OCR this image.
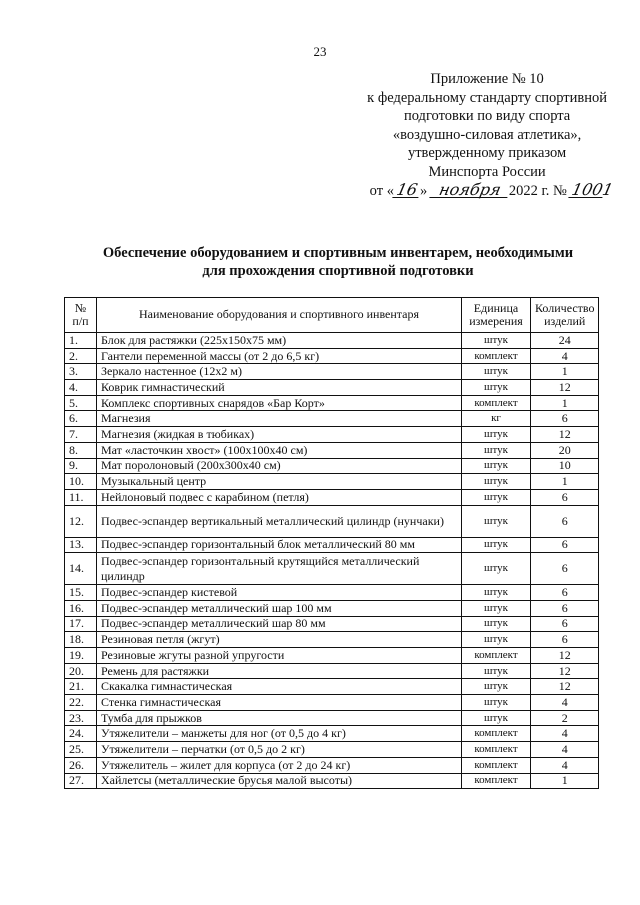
23
Приложение № 10
к федеральному стандарту спортивной
подготовки по виду спорта
«воздушно-силовая атлетика»,
утвержденному приказом
Минспорта России
от «16» ноября 2022 г. № 1001
Обеспечение оборудованием и спортивным инвентарем, необходимыми
для прохождения спортивной подготовки
№ п/п	Наименование оборудования и спортивного инвентаря	Единица измерения	Количество изделий
1.	Блок для растяжки (225х150х75 мм)	штук	24
2.	Гантели переменной массы (от 2 до 6,5 кг)	комплект	4
3.	Зеркало настенное (12х2 м)	штук	1
4.	Коврик гимнастический	штук	12
5.	Комплекс спортивных снарядов «Бар Корт»	комплект	1
6.	Магнезия	кг	6
7.	Магнезия (жидкая в тюбиках)	штук	12
8.	Мат «ласточкин хвост» (100х100х40 см)	штук	20
9.	Мат поролоновый (200х300х40 см)	штук	10
10.	Музыкальный центр	штук	1
11.	Нейлоновый подвес с карабином (петля)	штук	6
12.	Подвес-эспандер вертикальный металлический цилиндр (нунчаки)	штук	6
13.	Подвес-эспандер горизонтальный блок металлический 80 мм	штук	6
14.	Подвес-эспандер горизонтальный крутящийся металлический цилиндр	штук	6
15.	Подвес-эспандер кистевой	штук	6
16.	Подвес-эспандер металлический шар 100 мм	штук	6
17.	Подвес-эспандер металлический шар 80 мм	штук	6
18.	Резиновая петля (жгут)	штук	6
19.	Резиновые жгуты разной упругости	комплект	12
20.	Ремень для растяжки	штук	12
21.	Скакалка гимнастическая	штук	12
22.	Стенка гимнастическая	штук	4
23.	Тумба для прыжков	штук	2
24.	Утяжелители – манжеты для ног (от 0,5 до 4 кг)	комплект	4
25.	Утяжелители – перчатки (от 0,5 до 2 кг)	комплект	4
26.	Утяжелитель – жилет для корпуса (от 2 до 24 кг)	комплект	4
27.	Хайлетсы (металлические брусья малой высоты)	комплект	1
